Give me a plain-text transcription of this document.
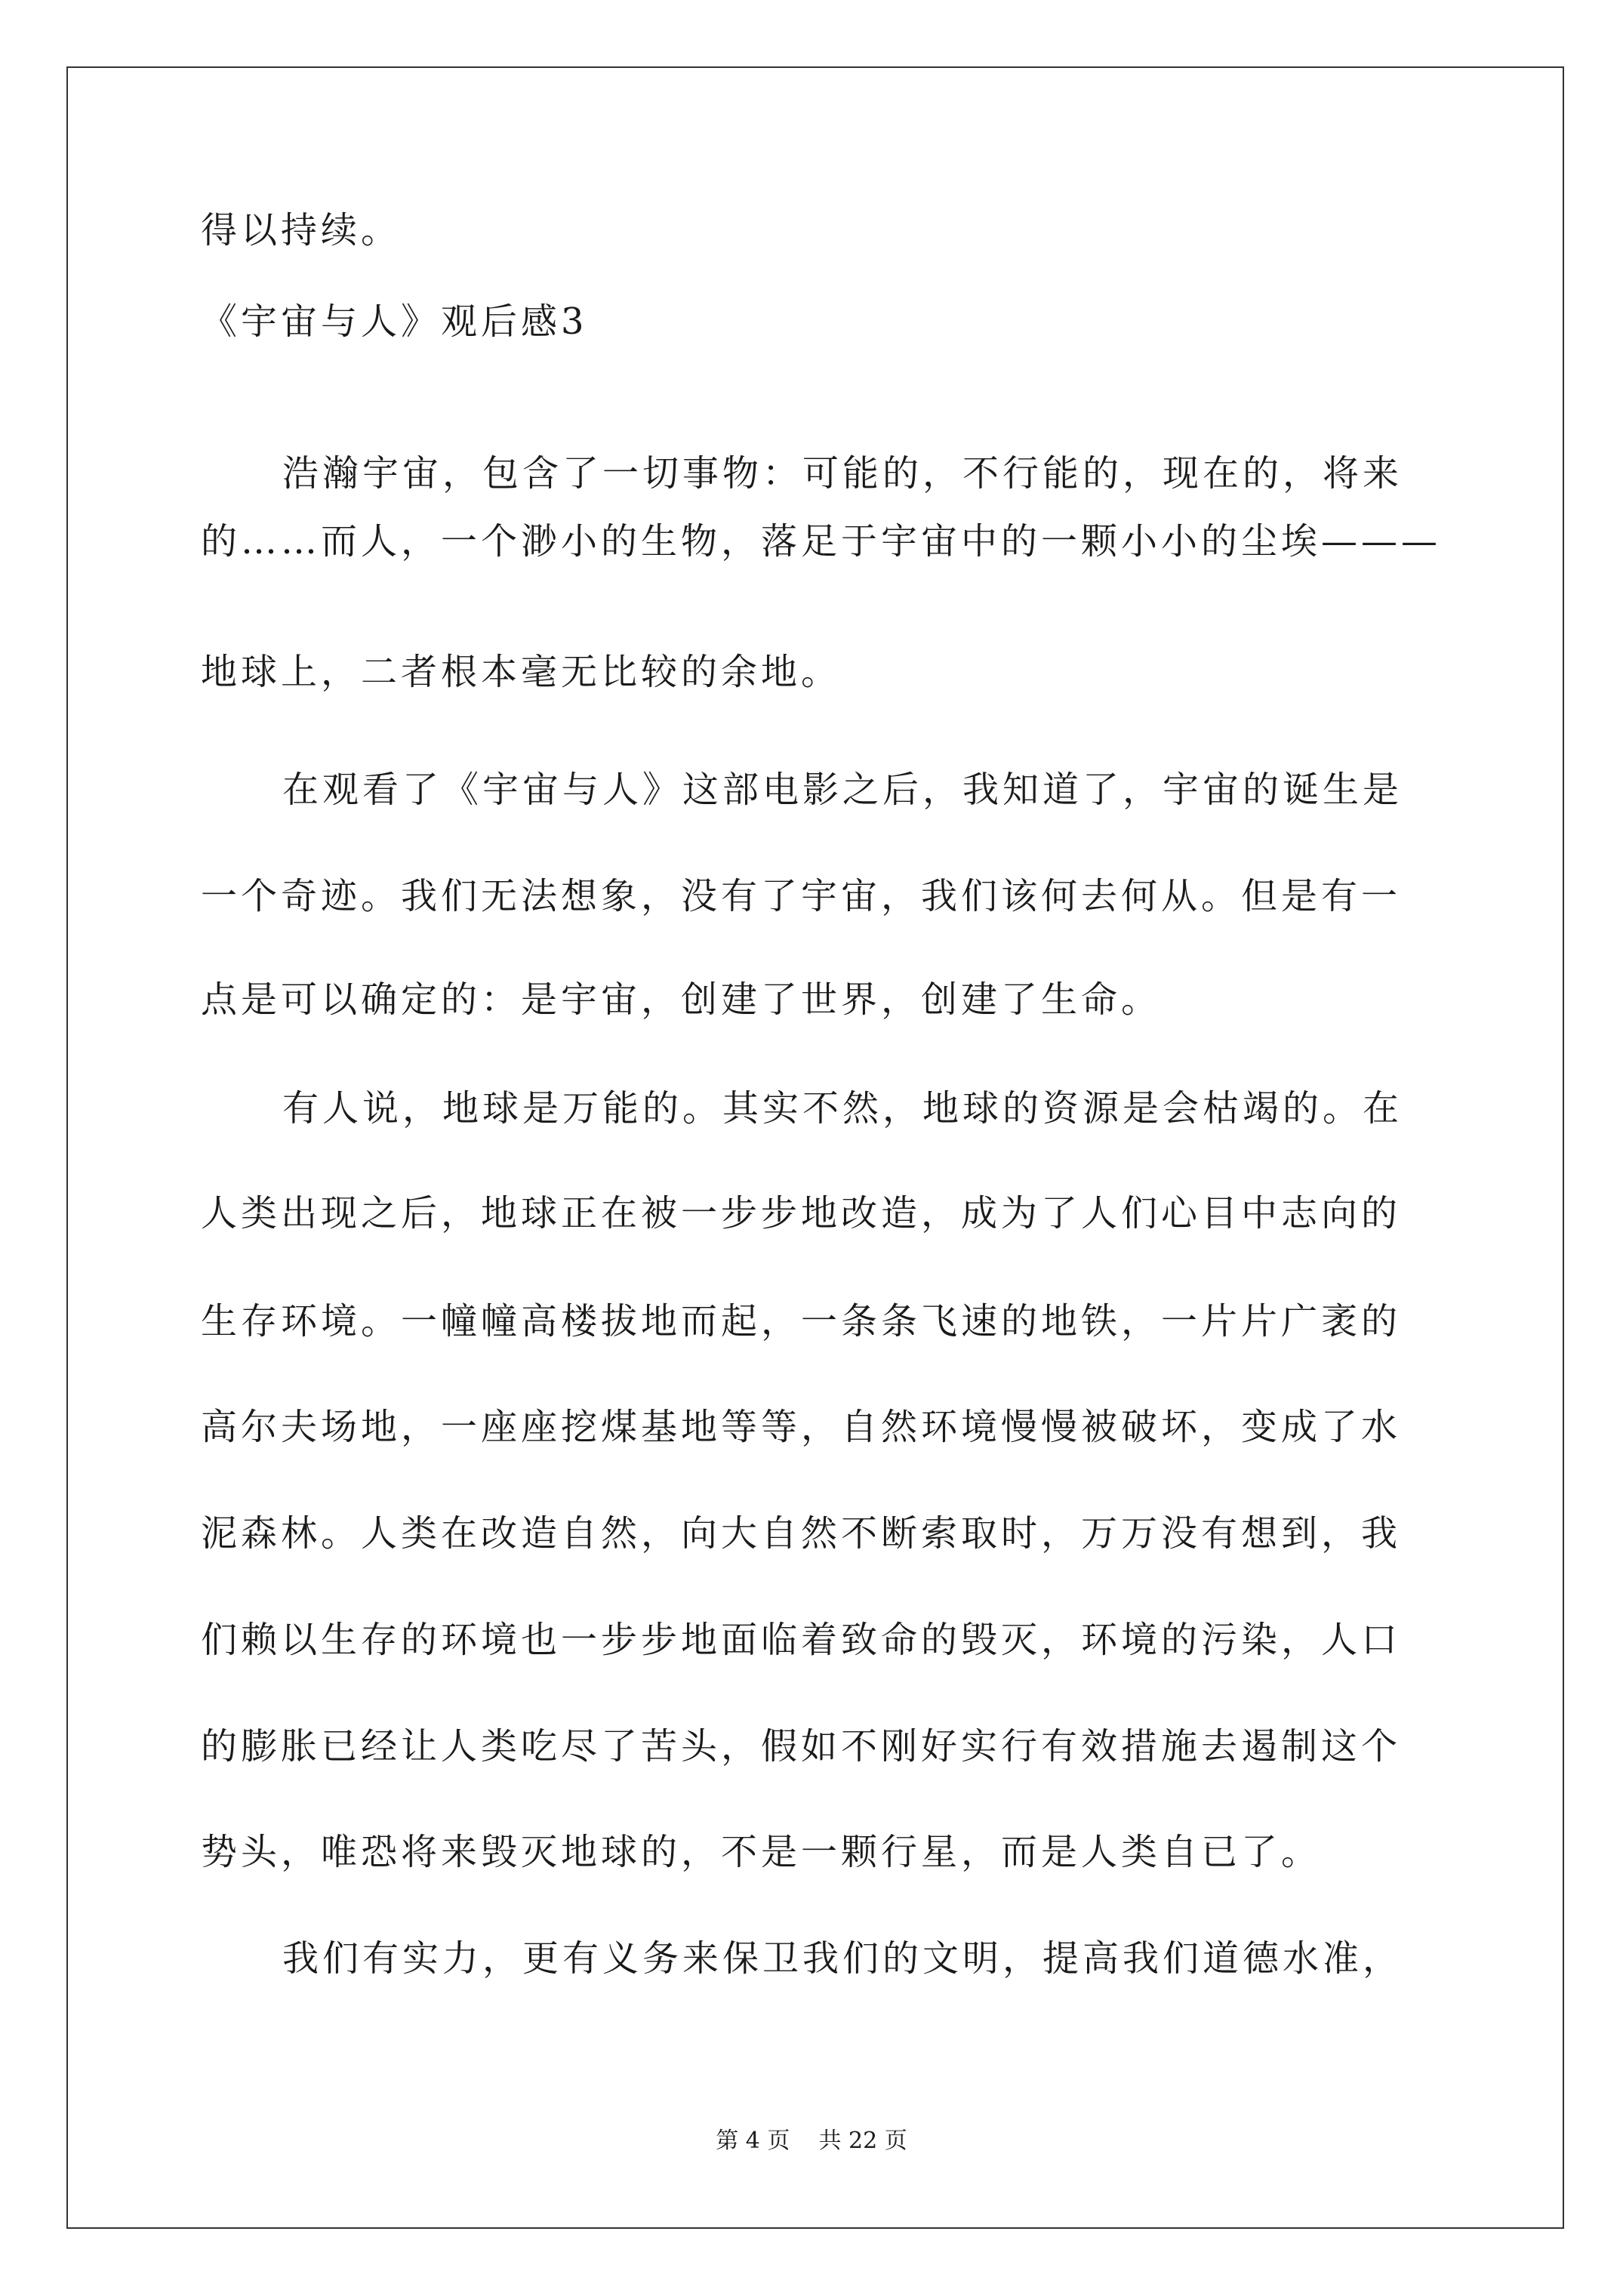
得以持续。
《宇宙与人》观后感3
浩瀚宇宙，包含了一切事物：可能的，不行能的，现在的，将来
的……而人，一个渺小的生物，落足于宇宙中的一颗小小的尘埃———
地球上，二者根本毫无比较的余地。
在观看了《宇宙与人》这部电影之后，我知道了，宇宙的诞生是
一个奇迹。我们无法想象，没有了宇宙，我们该何去何从。但是有一
点是可以确定的：是宇宙，创建了世界，创建了生命。
有人说，地球是万能的。其实不然，地球的资源是会枯竭的。在
人类出现之后，地球正在被一步步地改造，成为了人们心目中志向的
生存环境。一幢幢高楼拔地而起，一条条飞速的地铁，一片片广袤的
高尔夫场地，一座座挖煤基地等等，自然环境慢慢被破坏，变成了水
泥森林。人类在改造自然，向大自然不断索取时，万万没有想到，我
们赖以生存的环境也一步步地面临着致命的毁灭，环境的污染，人口
的膨胀已经让人类吃尽了苦头，假如不刚好实行有效措施去遏制这个
势头，唯恐将来毁灭地球的，不是一颗行星，而是人类自已了。
我们有实力，更有义务来保卫我们的文明，提高我们道德水准，
第 4 页    共 22 页
